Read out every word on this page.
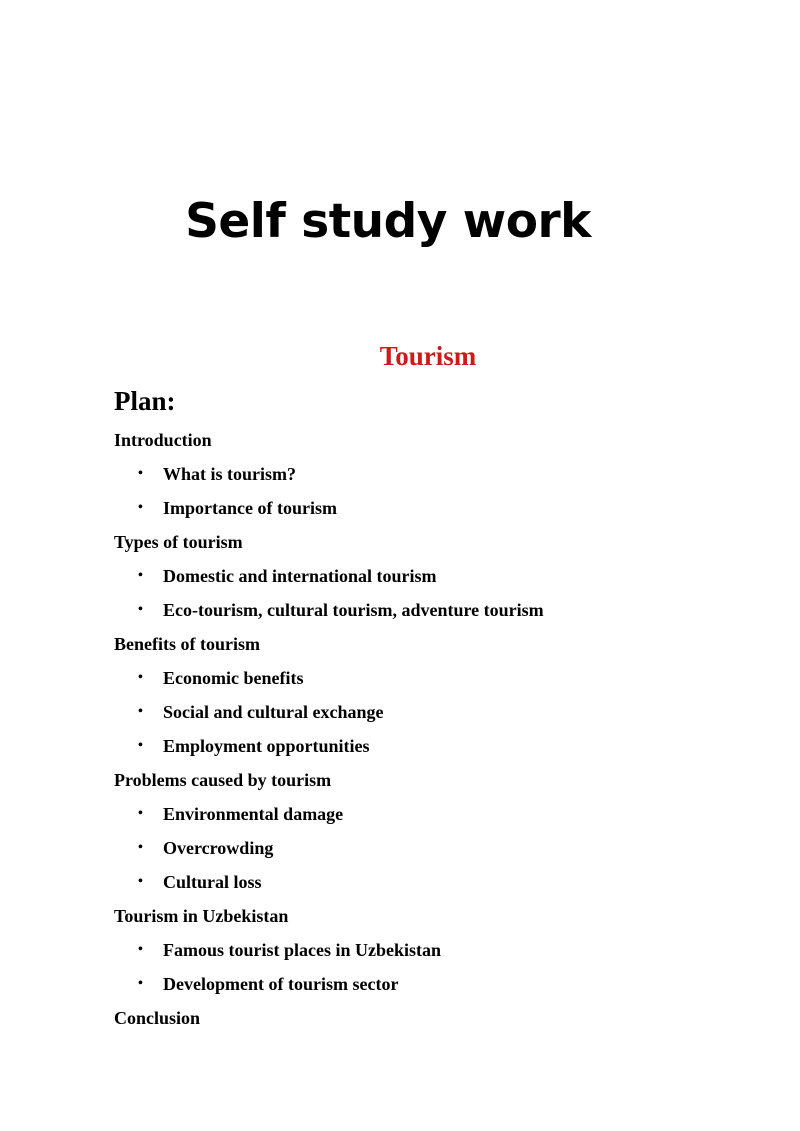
Self study work
Tourism
Plan:
Introduction
• What is tourism?
• Importance of tourism
Types of tourism
• Domestic and international tourism
• Eco-tourism, cultural tourism, adventure tourism
Benefits of tourism
• Economic benefits
• Social and cultural exchange
• Employment opportunities
Problems caused by tourism
• Environmental damage
• Overcrowding
• Cultural loss
Tourism in Uzbekistan
• Famous tourist places in Uzbekistan
• Development of tourism sector
Conclusion
